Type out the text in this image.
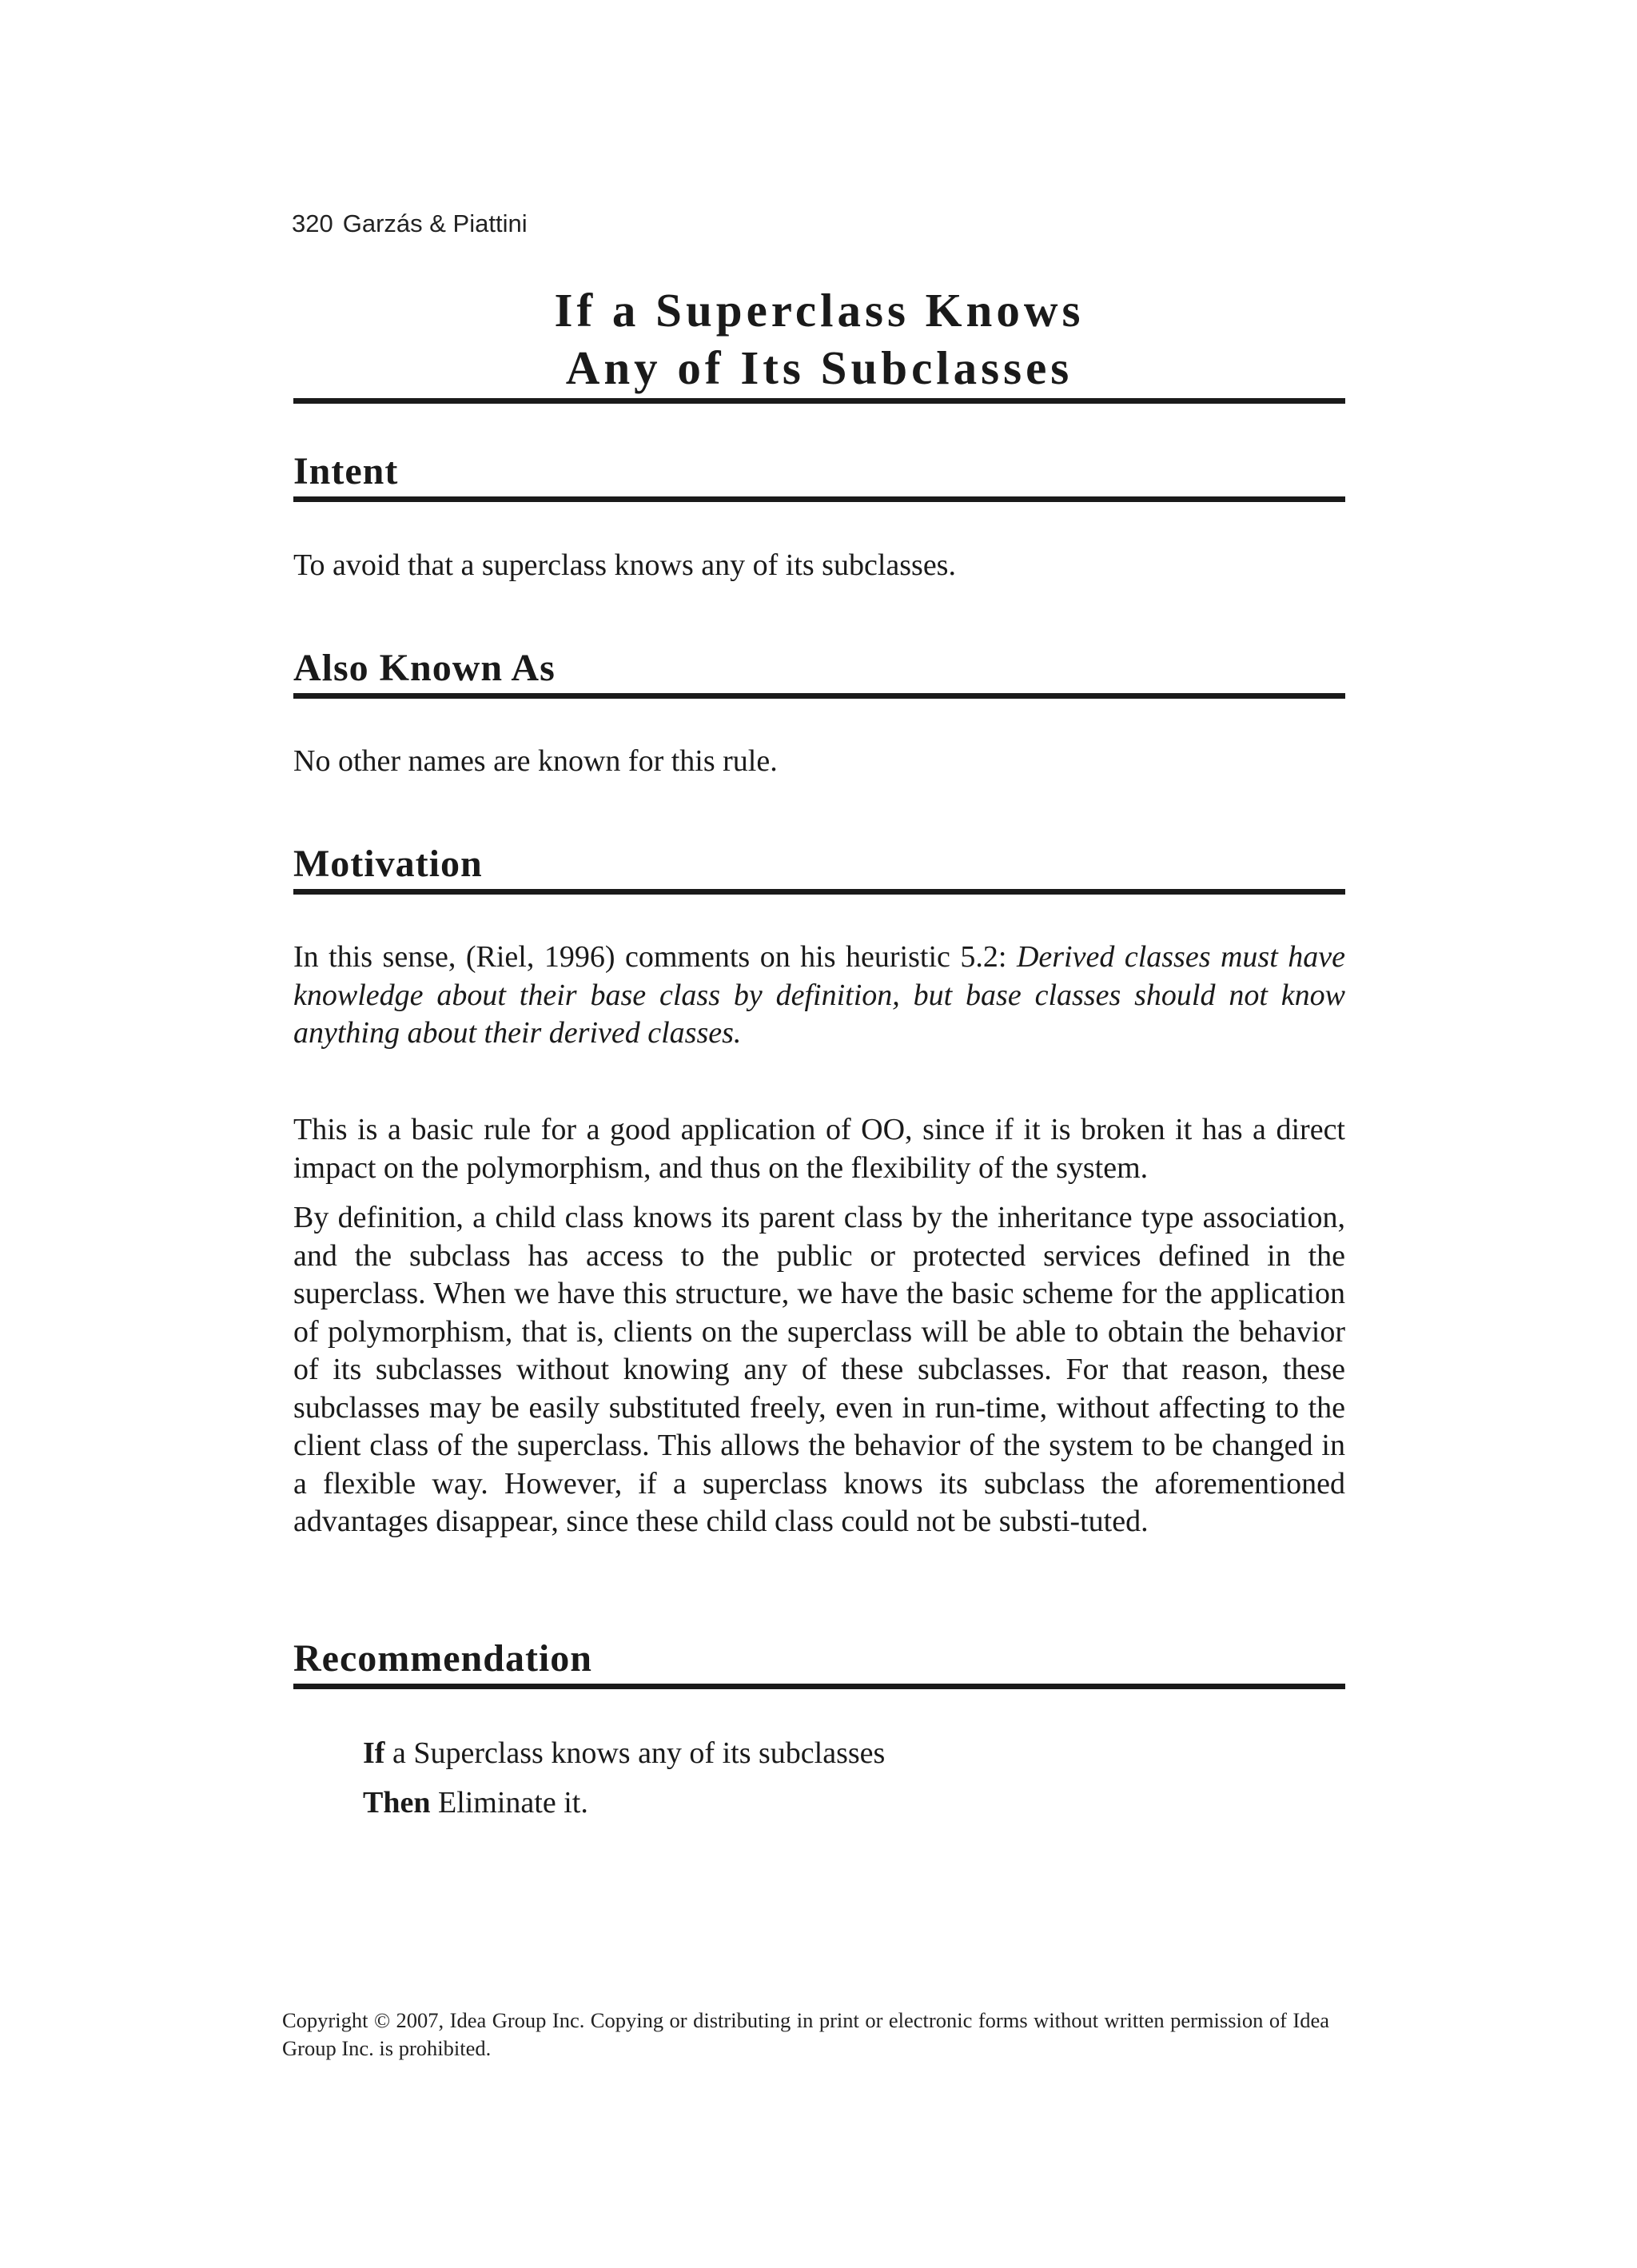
320 Garzás & Piattini
If a Superclass Knows
Any of Its Subclasses
Intent

To avoid that a superclass knows any of its subclasses.

Also Known As

No other names are known for this rule.

Motivation

In this sense, (Riel, 1996) comments on his heuristic 5.2: Derived classes must have knowledge about their base class by definition, but base classes should not know anything about their derived classes.

This is a basic rule for a good application of OO, since if it is broken it has a direct impact on the polymorphism, and thus on the flexibility of the system.

By definition, a child class knows its parent class by the inheritance type association, and the subclass has access to the public or protected services defined in the superclass. When we have this structure, we have the basic scheme for the application of polymorphism, that is, clients on the superclass will be able to obtain the behavior of its subclasses without knowing any of these subclasses. For that reason, these subclasses may be easily substituted freely, even in run-time, without affecting to the client class of the superclass. This allows the behavior of the system to be changed in a flexible way. However, if a superclass knows its subclass the aforementioned advantages disappear, since these child class could not be substi-tuted.

Recommendation
If a Superclass knows any of its subclasses
Then Eliminate it.
Copyright © 2007, Idea Group Inc. Copying or distributing in print or electronic forms without written permission of Idea Group Inc. is prohibited.
